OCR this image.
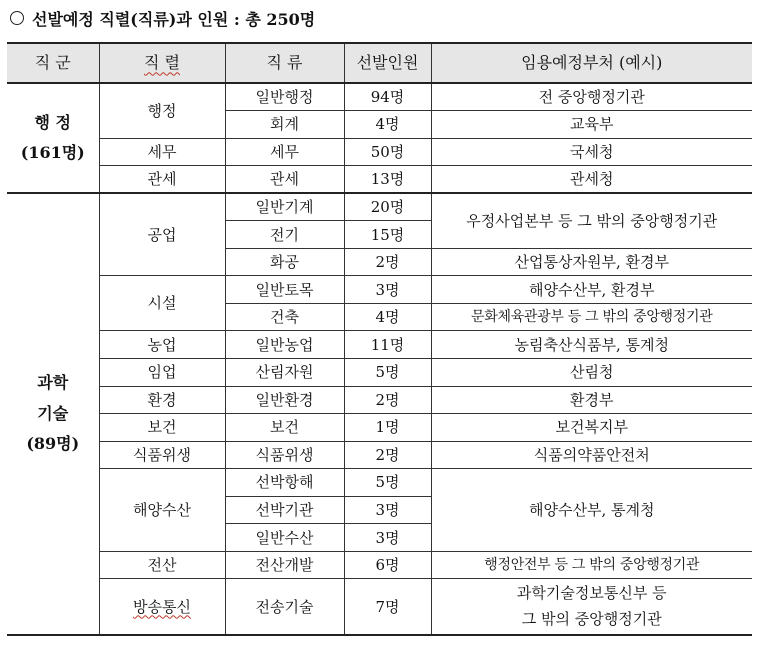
선발예정 직렬(직류)과 인원 : 총 250명
직 군	직 렬	직 류	선발인원	임용예정부처 (예시)

행 정
(161명)	행정	일반행정	94명	전 중앙행정기관
		회계	4명	교육부
	세무	세무	50명	국세청
	관세	관세	13명	관세청

과학
기술
(89명)	공업	일반기계	20명	우정사업본부 등 그 밖의 중앙행정기관
		전기	15명	
		화공	2명	산업통상자원부, 환경부
	시설	일반토목	3명	해양수산부, 환경부
		건축	4명	문화체육관광부 등 그 밖의 중앙행정기관
	농업	일반농업	11명	농림축산식품부, 통계청
	임업	산림자원	5명	산림청
	환경	일반환경	2명	환경부
	보건	보건	1명	보건복지부
	식품위생	식품위생	2명	식품의약품안전처
	해양수산	선박항해	5명	해양수산부, 통계청
		선박기관	3명	
		일반수산	3명	
	전산	전산개발	6명	행정안전부 등 그 밖의 중앙행정기관
	방송통신	전송기술	7명	과학기술정보통신부 등
그 밖의 중앙행정기관
